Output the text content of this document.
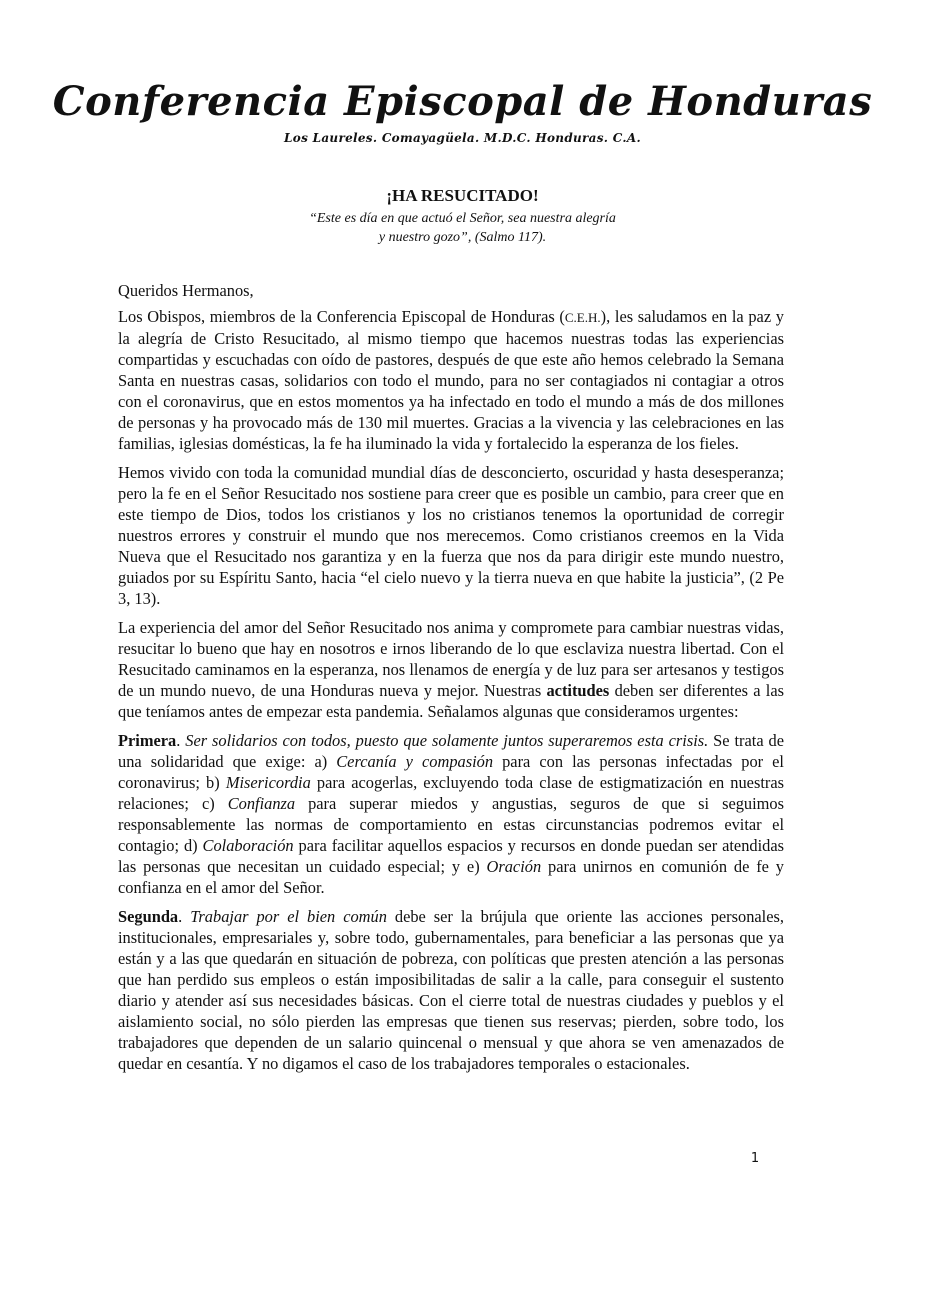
Conferencia Episcopal de Honduras
Los Laureles. Comayagüela. M.D.C. Honduras. C.A.
¡HA RESUCITADO!
“Este es día en que actuó el Señor, sea nuestra alegría
y nuestro gozo”, (Salmo 117).

Queridos Hermanos,

Los Obispos, miembros de la Conferencia Episcopal de Honduras (C.E.H.), les saludamos en la paz y la alegría de Cristo Resucitado, al mismo tiempo que hacemos nuestras todas las experiencias compartidas y escuchadas con oído de pastores, después de que este año hemos celebrado la Semana Santa en nuestras casas, solidarios con todo el mundo, para no ser contagiados ni contagiar a otros con el coronavirus, que en estos momentos ya ha infectado en todo el mundo a más de dos millones de personas y ha provocado más de 130 mil muertes. Gracias a la vivencia y las celebraciones en las familias, iglesias domésticas, la fe ha iluminado la vida y fortalecido la esperanza de los fieles.

Hemos vivido con toda la comunidad mundial días de desconcierto, oscuridad y hasta desesperanza; pero la fe en el Señor Resucitado nos sostiene para creer que es posible un cambio, para creer que en este tiempo de Dios, todos los cristianos y los no cristianos tenemos la oportunidad de corregir nuestros errores y construir el mundo que nos merecemos. Como cristianos creemos en la Vida Nueva que el Resucitado nos garantiza y en la fuerza que nos da para dirigir este mundo nuestro, guiados por su Espíritu Santo, hacia “el cielo nuevo y la tierra nueva en que habite la justicia”, (2 Pe 3, 13).

La experiencia del amor del Señor Resucitado nos anima y compromete para cambiar nuestras vidas, resucitar lo bueno que hay en nosotros e irnos liberando de lo que esclaviza nuestra libertad. Con el Resucitado caminamos en la esperanza, nos llenamos de energía y de luz para ser artesanos y testigos de un mundo nuevo, de una Honduras nueva y mejor. Nuestras actitudes deben ser diferentes a las que teníamos antes de empezar esta pandemia. Señalamos algunas que consideramos urgentes:

Primera. Ser solidarios con todos, puesto que solamente juntos superaremos esta crisis. Se trata de una solidaridad que exige: a) Cercanía y compasión para con las personas infectadas por el coronavirus; b) Misericordia para acogerlas, excluyendo toda clase de estigmatización en nuestras relaciones; c) Confianza para superar miedos y angustias, seguros de que si seguimos responsablemente las normas de comportamiento en estas circunstancias podremos evitar el contagio; d) Colaboración para facilitar aquellos espacios y recursos en donde puedan ser atendidas las personas que necesitan un cuidado especial; y e) Oración para unirnos en comunión de fe y confianza en el amor del Señor.

Segunda. Trabajar por el bien común debe ser la brújula que oriente las acciones personales, institucionales, empresariales y, sobre todo, gubernamentales, para beneficiar a las personas que ya están y a las que quedarán en situación de pobreza, con políticas que presten atención a las personas que han perdido sus empleos o están imposibilitadas de salir a la calle, para conseguir el sustento diario y atender así sus necesidades básicas. Con el cierre total de nuestras ciudades y pueblos y el aislamiento social, no sólo pierden las empresas que tienen sus reservas; pierden, sobre todo, los trabajadores que dependen de un salario quincenal o mensual y que ahora se ven amenazados de quedar en cesantía. Y no digamos el caso de los trabajadores temporales o estacionales.

1
